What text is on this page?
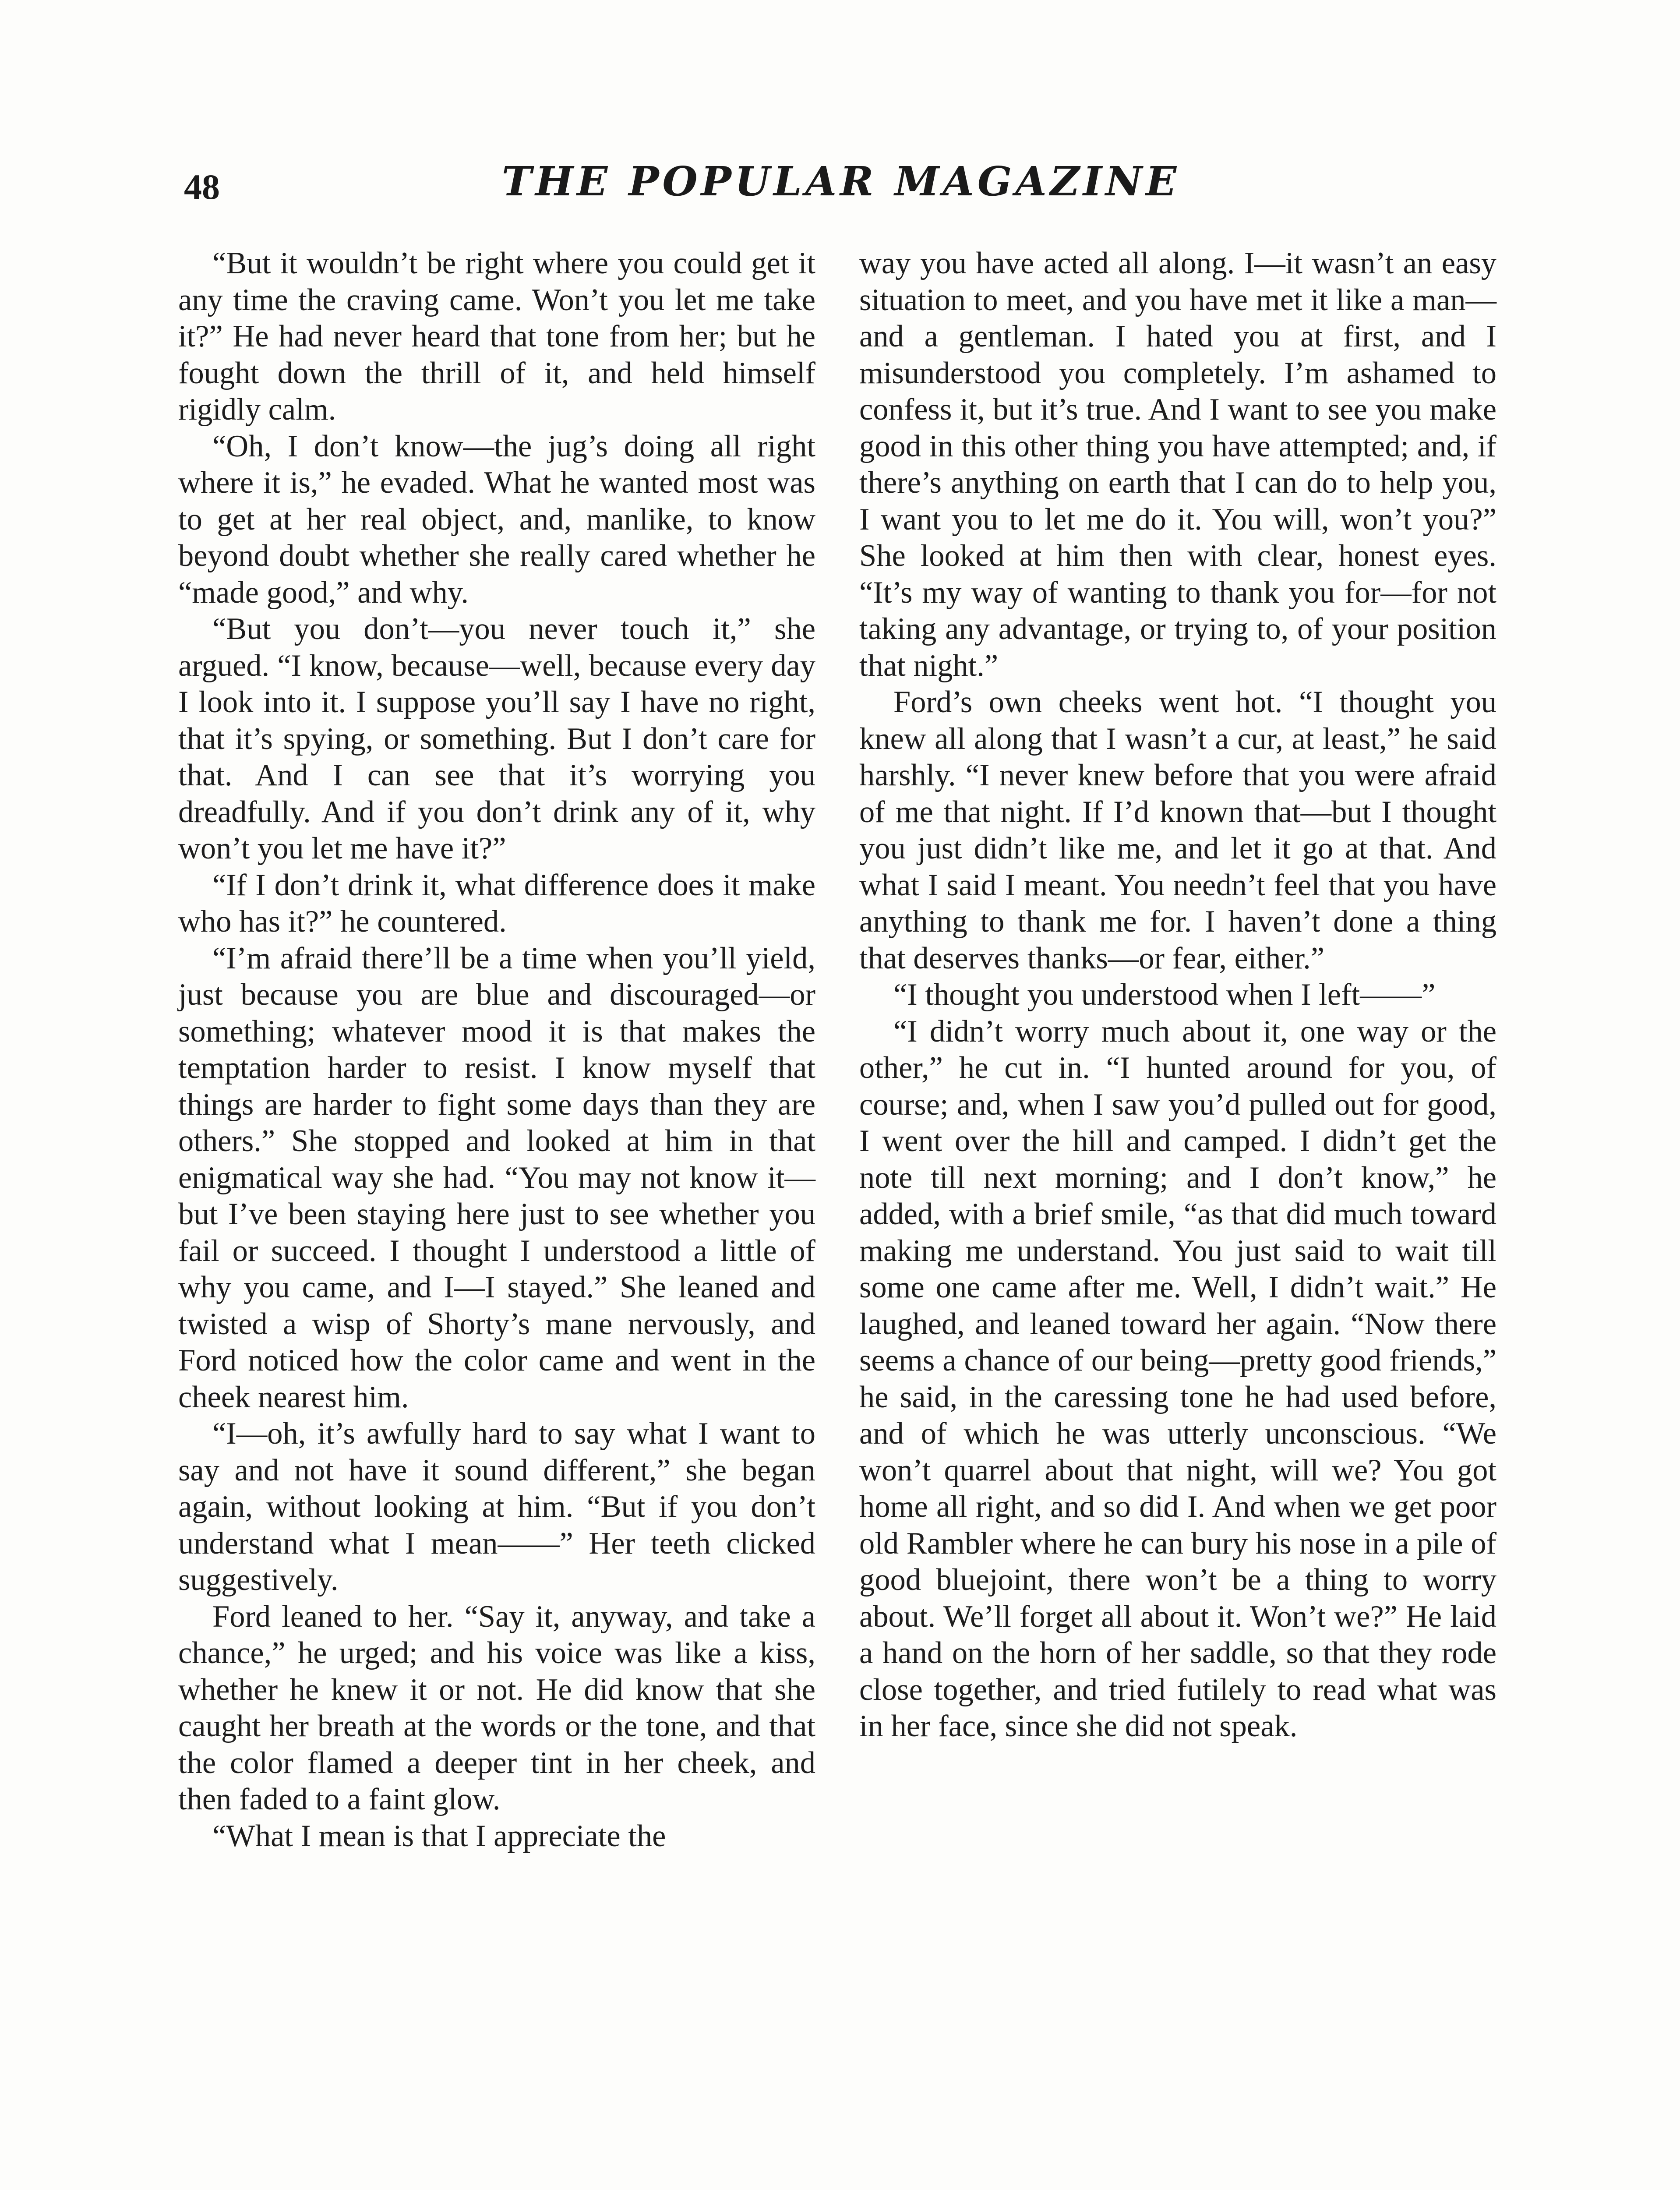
48	THE POPULAR MAGAZINE

“But it wouldn’t be right where you could get it any time the craving came. Won’t you let me take it?” He had never heard that tone from her; but he fought down the thrill of it, and held himself rigidly calm.

“Oh, I don’t know—the jug’s doing all right where it is,” he evaded. What he wanted most was to get at her real object, and, manlike, to know beyond doubt whether she really cared whether he “made good,” and why.

“But you don’t—you never touch it,” she argued. “I know, because—well, because every day I look into it. I suppose you’ll say I have no right, that it’s spying, or something. But I don’t care for that. And I can see that it’s worrying you dreadfully. And if you don’t drink any of it, why won’t you let me have it?”

“If I don’t drink it, what difference does it make who has it?” he countered.

“I’m afraid there’ll be a time when you’ll yield, just because you are blue and discouraged—or something; whatever mood it is that makes the temptation harder to resist. I know myself that things are harder to fight some days than they are others.” She stopped and looked at him in that enigmatical way she had. “You may not know it—but I’ve been staying here just to see whether you fail or succeed. I thought I understood a little of why you came, and I—I stayed.” She leaned and twisted a wisp of Shorty’s mane nervously, and Ford noticed how the color came and went in the cheek nearest him.

“I—oh, it’s awfully hard to say what I want to say and not have it sound different,” she began again, without looking at him. “But if you don’t understand what I mean——” Her teeth clicked suggestively.

Ford leaned to her. “Say it, anyway, and take a chance,” he urged; and his voice was like a kiss, whether he knew it or not. He did know that she caught her breath at the words or the tone, and that the color flamed a deeper tint in her cheek, and then faded to a faint glow.

“What I mean is that I appreciate the

way you have acted all along. I—it wasn’t an easy situation to meet, and you have met it like a man—and a gentleman. I hated you at first, and I misunderstood you completely. I’m ashamed to confess it, but it’s true. And I want to see you make good in this other thing you have attempted; and, if there’s anything on earth that I can do to help you, I want you to let me do it. You will, won’t you?” She looked at him then with clear, honest eyes. “It’s my way of wanting to thank you for—for not taking any advantage, or trying to, of your position that night.”

Ford’s own cheeks went hot. “I thought you knew all along that I wasn’t a cur, at least,” he said harshly. “I never knew before that you were afraid of me that night. If I’d known that—but I thought you just didn’t like me, and let it go at that. And what I said I meant. You needn’t feel that you have anything to thank me for. I haven’t done a thing that deserves thanks—or fear, either.”

“I thought you understood when I left——”

“I didn’t worry much about it, one way or the other,” he cut in. “I hunted around for you, of course; and, when I saw you’d pulled out for good, I went over the hill and camped. I didn’t get the note till next morning; and I don’t know,” he added, with a brief smile, “as that did much toward making me understand. You just said to wait till some one came after me. Well, I didn’t wait.” He laughed, and leaned toward her again. “Now there seems a chance of our being—pretty good friends,” he said, in the caressing tone he had used before, and of which he was utterly unconscious. “We won’t quarrel about that night, will we? You got home all right, and so did I. And when we get poor old Rambler where he can bury his nose in a pile of good bluejoint, there won’t be a thing to worry about. We’ll forget all about it. Won’t we?” He laid a hand on the horn of her saddle, so that they rode close together, and tried futilely to read what was in her face, since she did not speak.
